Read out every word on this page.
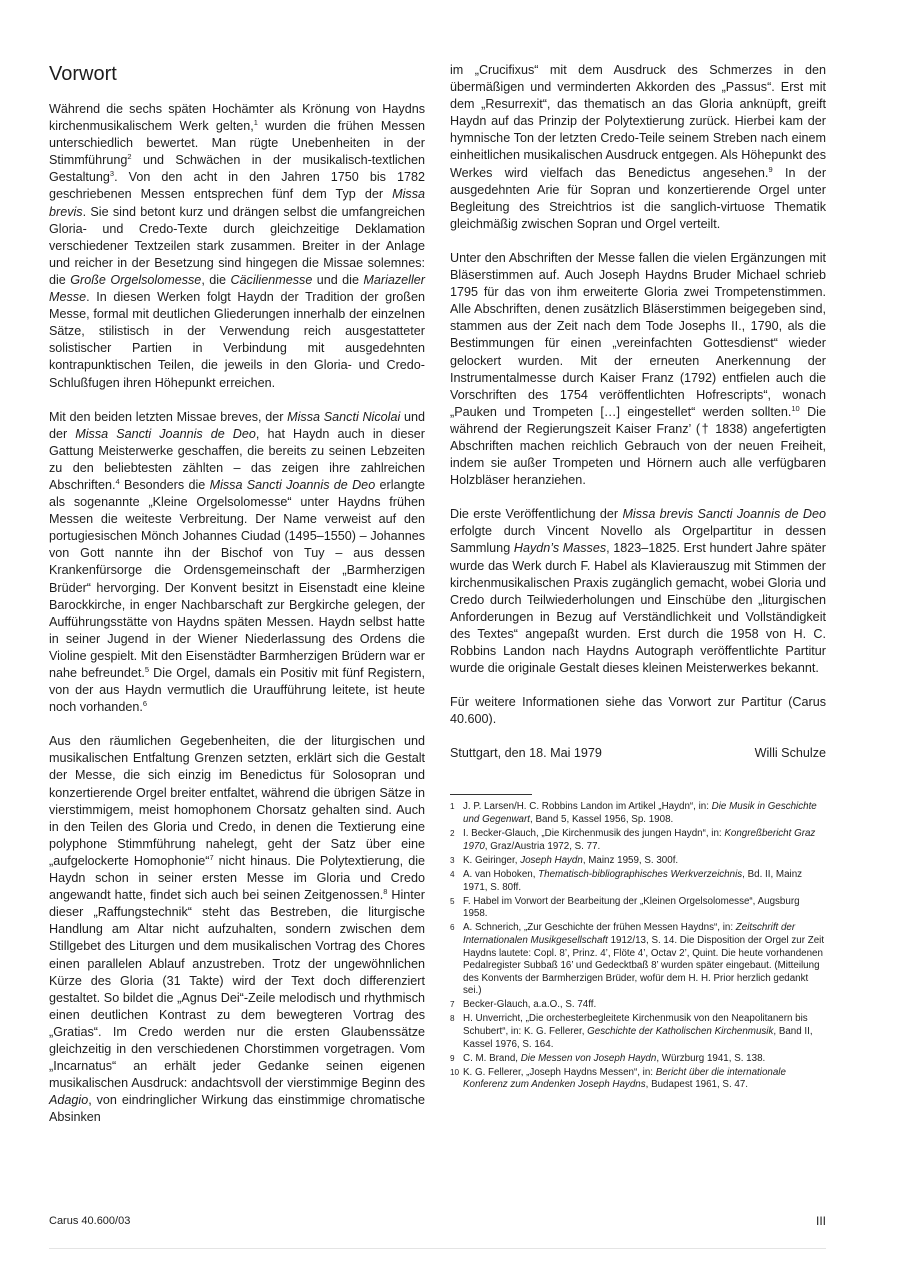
Vorwort

Während die sechs späten Hochämter als Krönung von Haydns kirchenmusikalischem Werk gelten,$^1$ wurden die frühen Messen unterschiedlich bewertet. Man rügte Unebenheiten in der Stimmführung$^2$ und Schwächen in der musikalisch-textlichen Gestaltung$^3$. Von den acht in den Jahren 1750 bis 1782 geschriebenen Messen entsprechen fünf dem Typ der Missa brevis. Sie sind betont kurz und drängen selbst die umfangreichen Gloria- und Credo-Texte durch gleichzeitige Deklamation verschiedener Textzeilen stark zusammen. Breiter in der Anlage und reicher in der Besetzung sind hingegen die Missae solemnes: die Große Orgelsolomesse, die Cäcilienmesse und die Mariazeller Messe. In diesen Werken folgt Haydn der Tradition der großen Messe, formal mit deutlichen Gliederungen innerhalb der einzelnen Sätze, stilistisch in der Verwendung reich ausgestatteter solistischer Partien in Verbindung mit ausgedehnten kontrapunktischen Teilen, die jeweils in den Gloria- und Credo-Schlußfugen ihren Höhepunkt erreichen.

Mit den beiden letzten Missae breves, der Missa Sancti Nicolai und der Missa Sancti Joannis de Deo, hat Haydn auch in dieser Gattung Meisterwerke geschaffen, die bereits zu seinen Lebzeiten zu den beliebtesten zählten – das zeigen ihre zahlreichen Abschriften.$^4$ Besonders die Missa Sancti Joannis de Deo erlangte als sogenannte „Kleine Orgelsolomesse“ unter Haydns frühen Messen die weiteste Verbreitung. Der Name verweist auf den portugiesischen Mönch Johannes Ciudad (1495–1550) – Johannes von Gott nannte ihn der Bischof von Tuy – aus dessen Krankenfürsorge die Ordensgemeinschaft der „Barmherzigen Brüder“ hervorging. Der Konvent besitzt in Eisenstadt eine kleine Barockkirche, in enger Nachbarschaft zur Bergkirche gelegen, der Aufführungsstätte von Haydns späten Messen. Haydn selbst hatte in seiner Jugend in der Wiener Niederlassung des Ordens die Violine gespielt. Mit den Eisenstädter Barmherzigen Brüdern war er nahe befreundet.$^5$ Die Orgel, damals ein Positiv mit fünf Registern, von der aus Haydn vermutlich die Uraufführung leitete, ist heute noch vorhanden.$^6$

Aus den räumlichen Gegebenheiten, die der liturgischen und musikalischen Entfaltung Grenzen setzten, erklärt sich die Gestalt der Messe, die sich einzig im Benedictus für Solosopran und konzertierende Orgel breiter entfaltet, während die übrigen Sätze in vierstimmigem, meist homophonem Chorsatz gehalten sind. Auch in den Teilen des Gloria und Credo, in denen die Textierung eine polyphone Stimmführung nahelegt, geht der Satz über eine „aufgelockerte Homophonie“$^7$ nicht hinaus. Die Polytextierung, die Haydn schon in seiner ersten Messe im Gloria und Credo angewandt hatte, findet sich auch bei seinen Zeitgenossen.$^8$ Hinter dieser „Raffungstechnik“ steht das Bestreben, die liturgische Handlung am Altar nicht aufzuhalten, sondern zwischen dem Stillgebet des Liturgen und dem musikalischen Vortrag des Chores einen parallelen Ablauf anzustreben. Trotz der ungewöhnlichen Kürze des Gloria (31 Takte) wird der Text doch differenziert gestaltet. So bildet die „Agnus Dei“-Zeile melodisch und rhythmisch einen deutlichen Kontrast zu dem bewegteren Vortrag des „Gratias“. Im Credo werden nur die ersten Glaubenssätze gleichzeitig in den verschiedenen Chorstimmen vorgetragen. Vom „Incarnatus“ an erhält jeder Gedanke seinen eigenen musikalischen Ausdruck: andachtsvoll der vierstimmige Beginn des Adagio, von eindringlicher Wirkung das einstimmige chromatische Absinken

im „Crucifixus“ mit dem Ausdruck des Schmerzes in den übermäßigen und verminderten Akkorden des „Passus“. Erst mit dem „Resurrexit“, das thematisch an das Gloria anknüpft, greift Haydn auf das Prinzip der Polytextierung zurück. Hierbei kam der hymnische Ton der letzten Credo-Teile seinem Streben nach einem einheitlichen musikalischen Ausdruck entgegen. Als Höhepunkt des Werkes wird vielfach das Benedictus angesehen.$^9$ In der ausgedehnten Arie für Sopran und konzertierende Orgel unter Begleitung des Streichtrios ist die sanglich-virtuose Thematik gleichmäßig zwischen Sopran und Orgel verteilt.

Unter den Abschriften der Messe fallen die vielen Ergänzungen mit Bläserstimmen auf. Auch Joseph Haydns Bruder Michael schrieb 1795 für das von ihm erweiterte Gloria zwei Trompetenstimmen. Alle Abschriften, denen zusätzlich Bläserstimmen beigegeben sind, stammen aus der Zeit nach dem Tode Josephs II., 1790, als die Bestimmungen für einen „vereinfachten Gottesdienst“ wieder gelockert wurden. Mit der erneuten Anerkennung der Instrumentalmesse durch Kaiser Franz (1792) entfielen auch die Vorschriften des 1754 veröffentlichten Hofrescripts“, wonach „Pauken und Trompeten […] eingestellet“ werden sollten.$^{10}$ Die während der Regierungszeit Kaiser Franz’ († 1838) angefertigten Abschriften machen reichlich Gebrauch von der neuen Freiheit, indem sie außer Trompeten und Hörnern auch alle verfügbaren Holzbläser heranziehen.

Die erste Veröffentlichung der Missa brevis Sancti Joannis de Deo erfolgte durch Vincent Novello als Orgelpartitur in dessen Sammlung Haydn’s Masses, 1823–1825. Erst hundert Jahre später wurde das Werk durch F. Habel als Klavierauszug mit Stimmen der kirchenmusikalischen Praxis zugänglich gemacht, wobei Gloria und Credo durch Teilwiederholungen und Einschübe den „liturgischen Anforderungen in Bezug auf Verständlichkeit und Vollständigkeit des Textes“ angepaßt wurden. Erst durch die 1958 von H. C. Robbins Landon nach Haydns Autograph veröffentlichte Partitur wurde die originale Gestalt dieses kleinen Meisterwerkes bekannt.

Für weitere Informationen siehe das Vorwort zur Partitur (Carus 40.600).

Stuttgart, den 18. Mai 1979	Willi Schulze
1 J. P. Larsen/H. C. Robbins Landon im Artikel „Haydn“, in: Die Musik in Geschichte und Gegenwart, Band 5, Kassel 1956, Sp. 1908.
2 I. Becker-Glauch, „Die Kirchenmusik des jungen Haydn“, in: Kongreßbericht Graz 1970, Graz/Austria 1972, S. 77.
3 K. Geiringer, Joseph Haydn, Mainz 1959, S. 300f.
4 A. van Hoboken, Thematisch-bibliographisches Werkverzeichnis, Bd. II, Mainz 1971, S. 80ff.
5 F. Habel im Vorwort der Bearbeitung der „Kleinen Orgelsolomesse“, Augsburg 1958.
6 A. Schnerich, „Zur Geschichte der frühen Messen Haydns“, in: Zeitschrift der Internationalen Musikgesellschaft 1912/13, S. 14. Die Disposition der Orgel zur Zeit Haydns lautete: Copl. 8’, Prinz. 4’, Flöte 4’, Octav 2’, Quint. Die heute vorhandenen Pedalregister Subbaß 16’ und Gedecktbaß 8’ wurden später eingebaut. (Mitteilung des Konvents der Barmherzigen Brüder, wofür dem H. H. Prior herzlich gedankt sei.)
7 Becker-Glauch, a.a.O., S. 74ff.
8 H. Unverricht, „Die orchesterbegleitete Kirchenmusik von den Neapolitanern bis Schubert“, in: K. G. Fellerer, Geschichte der Katholischen Kirchenmusik, Band II, Kassel 1976, S. 164.
9 C. M. Brand, Die Messen von Joseph Haydn, Würzburg 1941, S. 138.
10 K. G. Fellerer, „Joseph Haydns Messen“, in: Bericht über die internationale Konferenz zum Andenken Joseph Haydns, Budapest 1961, S. 47.
Carus 40.600/03	III
